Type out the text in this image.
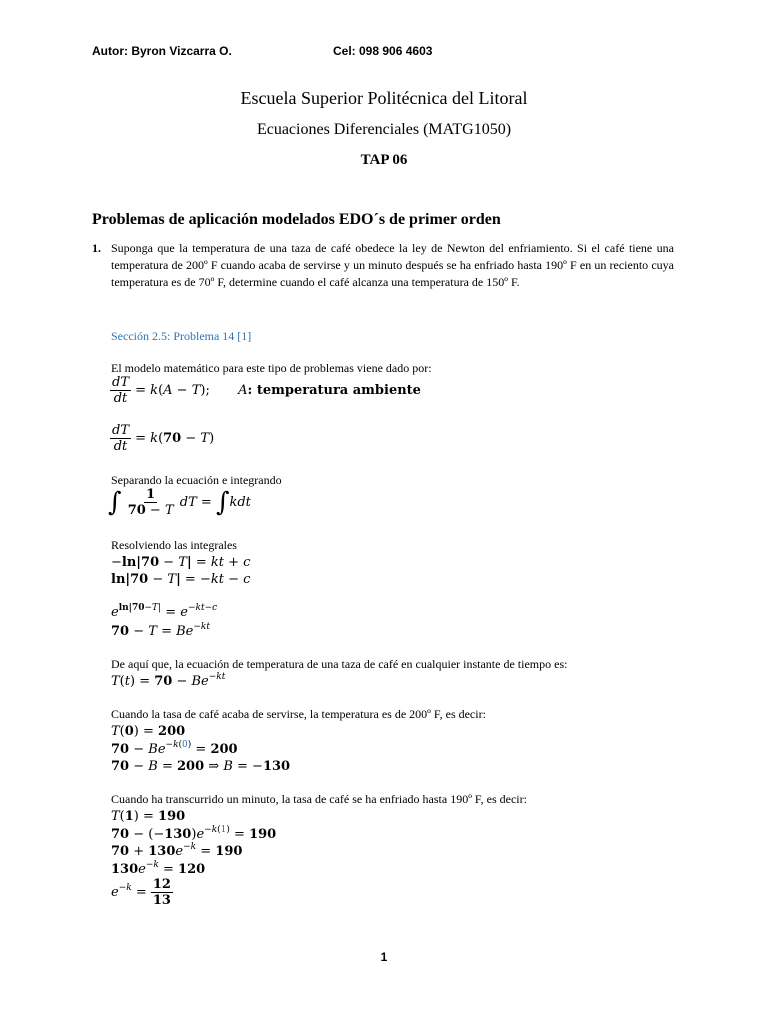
Autor: Byron Vizcarra O.	Cel: 098 906 4603
Escuela Superior Politécnica del Litoral
Ecuaciones Diferenciales (MATG1050)
TAP 06
Problemas de aplicación modelados EDO´s de primer orden
1. Suponga que la temperatura de una taza de café obedece la ley de Newton del enfriamiento. Si el café tiene una temperatura de 200º F cuando acaba de servirse y un minuto después se ha enfriado hasta 190º F en un reciento cuya temperatura es de 70º F, determine cuando el café alcanza una temperatura de 150º F.
Sección 2.5: Problema 14 [1]
El modelo matemático para este tipo de problemas viene dado por:
$\frac{dT}{dt} = k(A - T)$; A: temperatura ambiente
$\frac{dT}{dt} = k(70 - T)$
Separando la ecuación e integrando
∫ $\frac{1}{70 - T}$ dT = ∫kdt
Resolviendo las integrales
−ln|70 − T| = kt + c
ln|70 − T| = −kt − c
$e^{ln|70-T|} = e^{-kt-c}$
$70 - T = Be^{-kt}$
De aquí que, la ecuación de temperatura de una taza de café en cualquier instante de tiempo es:
$T(t) = 70 - Be^{-kt}$
Cuando la tasa de café acaba de servirse, la temperatura es de 200º F, es decir:
T(0) = 200
$70 - Be^{-k(0)} = 200$
70 − B = 200 ⇒ B = −130
Cuando ha transcurrido un minuto, la tasa de café se ha enfriado hasta 190º F, es decir:
T(1) = 190
$70 - (-130)e^{-k(1)} = 190$
$70 + 130e^{-k} = 190$
$130e^{-k} = 120$
$e^{-k} = \frac{12}{13}$
1
